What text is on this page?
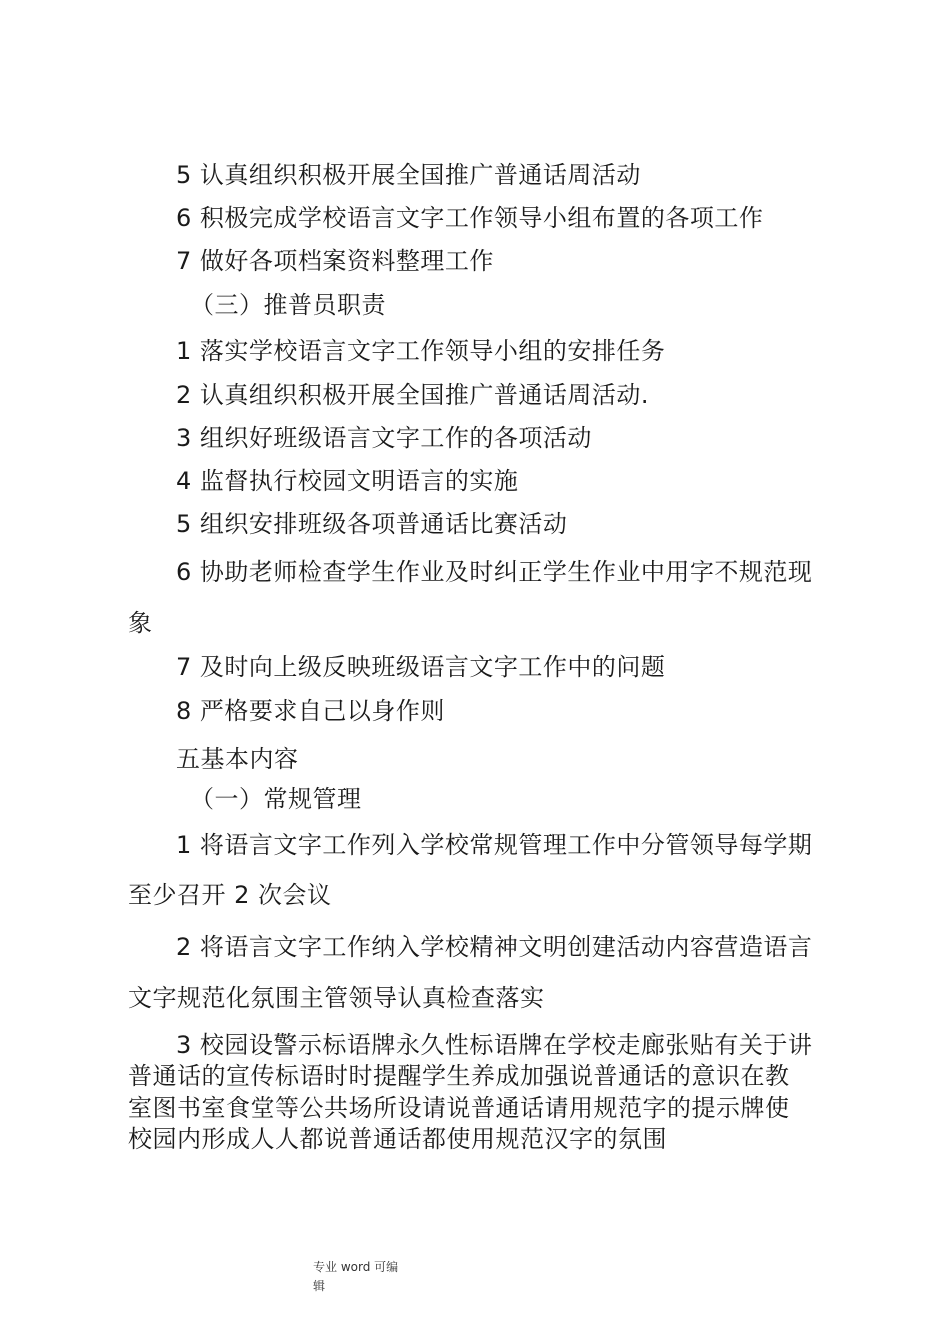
5 认真组织积极开展全国推广普通话周活动
6 积极完成学校语言文字工作领导小组布置的各项工作
7 做好各项档案资料整理工作
（三）推普员职责
1 落实学校语言文字工作领导小组的安排任务
2 认真组织积极开展全国推广普通话周活动.
3 组织好班级语言文字工作的各项活动
4 监督执行校园文明语言的实施
5 组织安排班级各项普通话比赛活动
6 协助老师检查学生作业及时纠正学生作业中用字不规范现
象
7 及时向上级反映班级语言文字工作中的问题
8 严格要求自己以身作则
五基本内容
（一）常规管理
1 将语言文字工作列入学校常规管理工作中分管领导每学期
至少召开 2 次会议
2 将语言文字工作纳入学校精神文明创建活动内容营造语言
文字规范化氛围主管领导认真检查落实
3 校园设警示标语牌永久性标语牌在学校走廊张贴有关于讲
普通话的宣传标语时时提醒学生养成加强说普通话的意识在教
室图书室食堂等公共场所设请说普通话请用规范字的提示牌使
校园内形成人人都说普通话都使用规范汉字的氛围
专业 word 可编
辑
